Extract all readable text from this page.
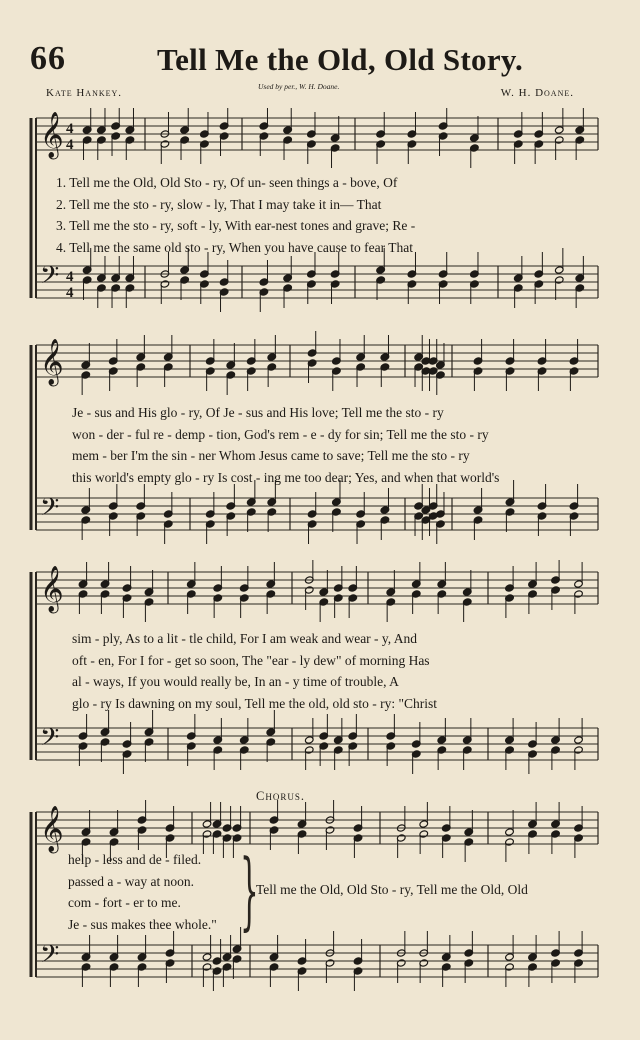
66	Tell Me the Old, Old Story.
Kate Hankey.
Used by per., W. H. Doane.
W. H. Doane.
𝄞
𝄢
4
4
4
4
1. Tell me the Old, Old Sto - ry, Of un- seen things a - bove, Of
2. Tell me the sto - ry, slow - ly, That I may take it in— That
3. Tell me the sto - ry, soft - ly, With ear-nest tones and grave; Re -
4. Tell me the same old sto - ry, When you have cause to fear That
𝄞
𝄢
Je - sus and His glo - ry, Of Je - sus and His love; Tell me the sto - ry
won - der - ful re - demp - tion, God's rem - e - dy for sin; Tell me the sto - ry
mem - ber I'm the sin - ner Whom Jesus came to save; Tell me the sto - ry
this world's empty glo - ry Is cost - ing me too dear; Yes, and when that world's
𝄞
𝄢
sim - ply, As to a lit - tle child, For I am weak and wear - y, And
oft - en, For I for - get so soon, The "ear - ly dew" of morning Has
al - ways, If you would really be, In an - y time of trouble, A
glo - ry Is dawning on my soul, Tell me the old, old sto - ry: "Christ
Chorus.
𝄞
𝄢
help - less and de - filed.
passed a - way at noon.
com - fort - er to me.
Je - sus makes thee whole." }
Tell me the Old, Old Sto - ry, Tell me the Old, Old
